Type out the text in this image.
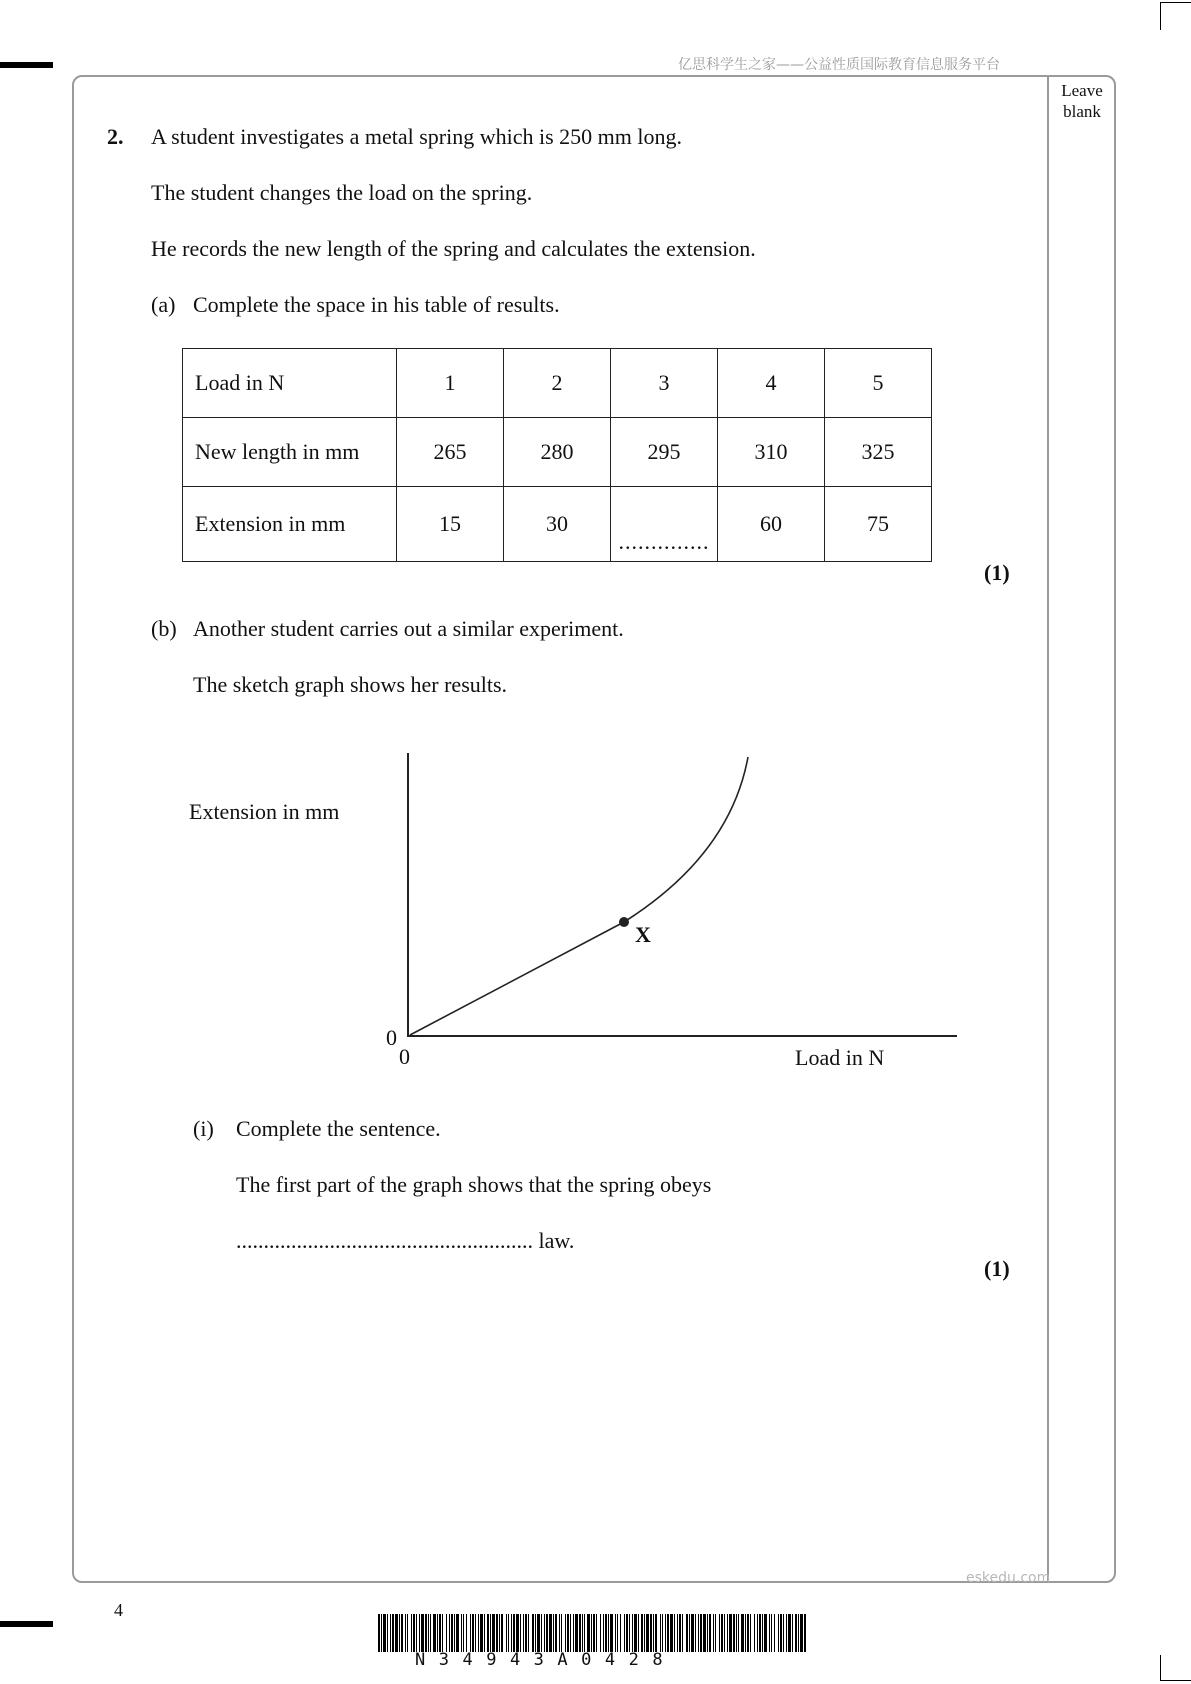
亿思科学生之家——公益性质国际教育信息服务平台
Leave
blank
2. A student investigates a metal spring which is 250 mm long.
The student changes the load on the spring.
He records the new length of the spring and calculates the extension.
(a) Complete the space in his table of results.
Load in N	1	2	3	4	5
New length in mm	265	280	295	310	325
Extension in mm	15	30	..............	60	75
(1)
(b) Another student carries out a similar experiment.
The sketch graph shows her results.
Extension in mm
Load in N
0
0
X
(i) Complete the sentence.
The first part of the graph shows that the spring obeys
...................................................... law.
(1)
eskedu.com
4
N34943A0428
